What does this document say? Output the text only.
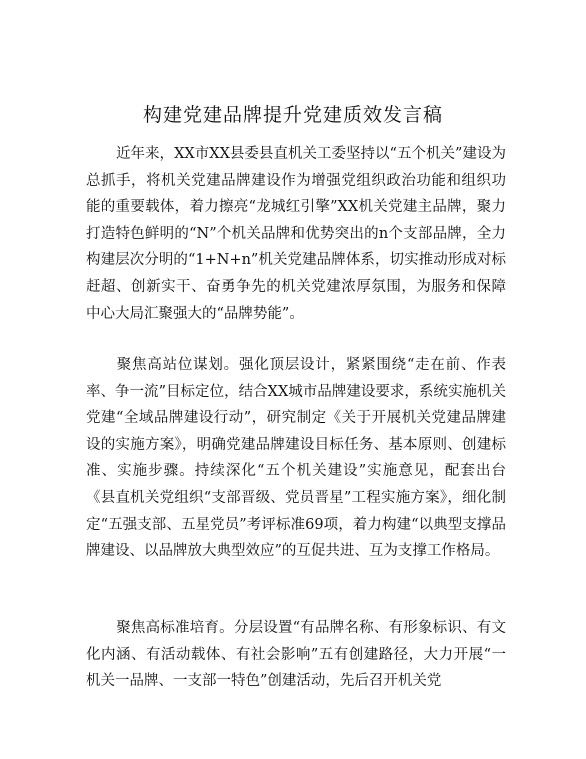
构建党建品牌提升党建质效发言稿

近年来，XX市XX县委县直机关工委坚持以“五个机关”建设为总抓手，将机关党建品牌建设作为增强党组织政治功能和组织功能的重要载体，着力擦亮“龙城红引擎”XX机关党建主品牌，聚力打造特色鲜明的“N”个机关品牌和优势突出的n个支部品牌，全力构建层次分明的“1+N+n”机关党建品牌体系，切实推动形成对标赶超、创新实干、奋勇争先的机关党建浓厚氛围，为服务和保障中心大局汇聚强大的“品牌势能”。

聚焦高站位谋划。强化顶层设计，紧紧围绕“走在前、作表率、争一流”目标定位，结合XX城市品牌建设要求，系统实施机关党建“全域品牌建设行动”，研究制定《关于开展机关党建品牌建设的实施方案》，明确党建品牌建设目标任务、基本原则、创建标准、实施步骤。持续深化“五个机关建设”实施意见，配套出台《县直机关党组织“支部晋级、党员晋星”工程实施方案》，细化制定“五强支部、五星党员”考评标准69项，着力构建“以典型支撑品牌建设、以品牌放大典型效应”的互促共进、互为支撑工作格局。

聚焦高标准培育。分层设置“有品牌名称、有形象标识、有文化内涵、有活动载体、有社会影响”五有创建路径，大力开展“一机关一品牌、一支部一特色”创建活动，先后召开机关党
